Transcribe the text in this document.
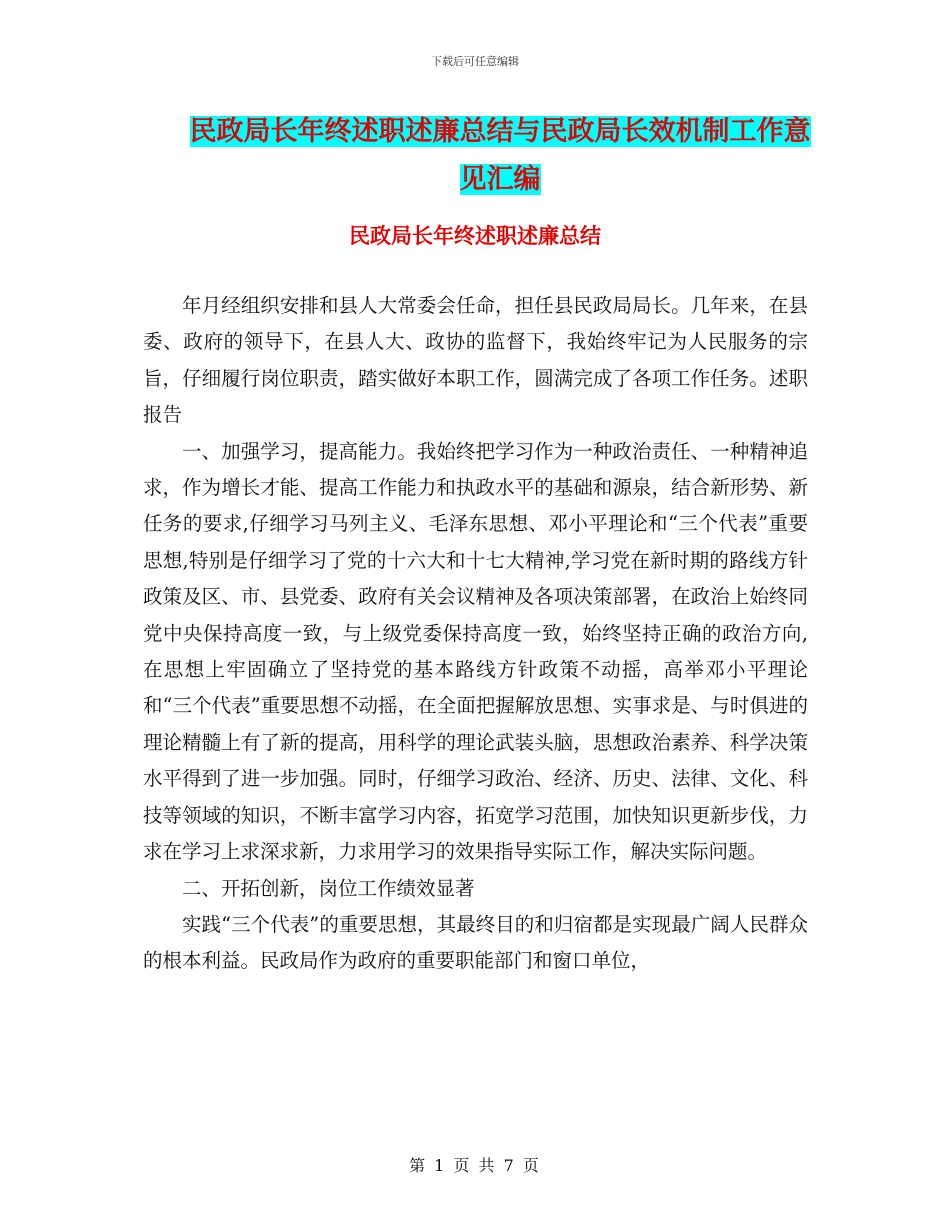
下载后可任意编辑
民政局长年终述职述廉总结与民政局长效机制工作意
见汇编
民政局长年终述职述廉总结

年月经组织安排和县人大常委会任命，担任县民政局局长。几年来，在县委、政府的领导下，在县人大、政协的监督下，我始终牢记为人民服务的宗旨，仔细履行岗位职责，踏实做好本职工作，圆满完成了各项工作任务。述职报告

一、加强学习，提高能力。我始终把学习作为一种政治责任、一种精神追求，作为增长才能、提高工作能力和执政水平的基础和源泉，结合新形势、新任务的要求,仔细学习马列主义、毛泽东思想、邓小平理论和“三个代表”重要思想,特别是仔细学习了党的十六大和十七大精神,学习党在新时期的路线方针政策及区、市、县党委、政府有关会议精神及各项决策部署，在政治上始终同党中央保持高度一致，与上级党委保持高度一致，始终坚持正确的政治方向,在思想上牢固确立了坚持党的基本路线方针政策不动摇，高举邓小平理论和“三个代表”重要思想不动摇，在全面把握解放思想、实事求是、与时俱进的理论精髓上有了新的提高，用科学的理论武装头脑，思想政治素养、科学决策水平得到了进一步加强。同时，仔细学习政治、经济、历史、法律、文化、科技等领域的知识，不断丰富学习内容，拓宽学习范围，加快知识更新步伐，力求在学习上求深求新，力求用学习的效果指导实际工作，解决实际问题。

二、开拓创新，岗位工作绩效显著

实践“三个代表”的重要思想，其最终目的和归宿都是实现最广阔人民群众的根本利益。民政局作为政府的重要职能部门和窗口单位，

第 1 页 共 7 页
